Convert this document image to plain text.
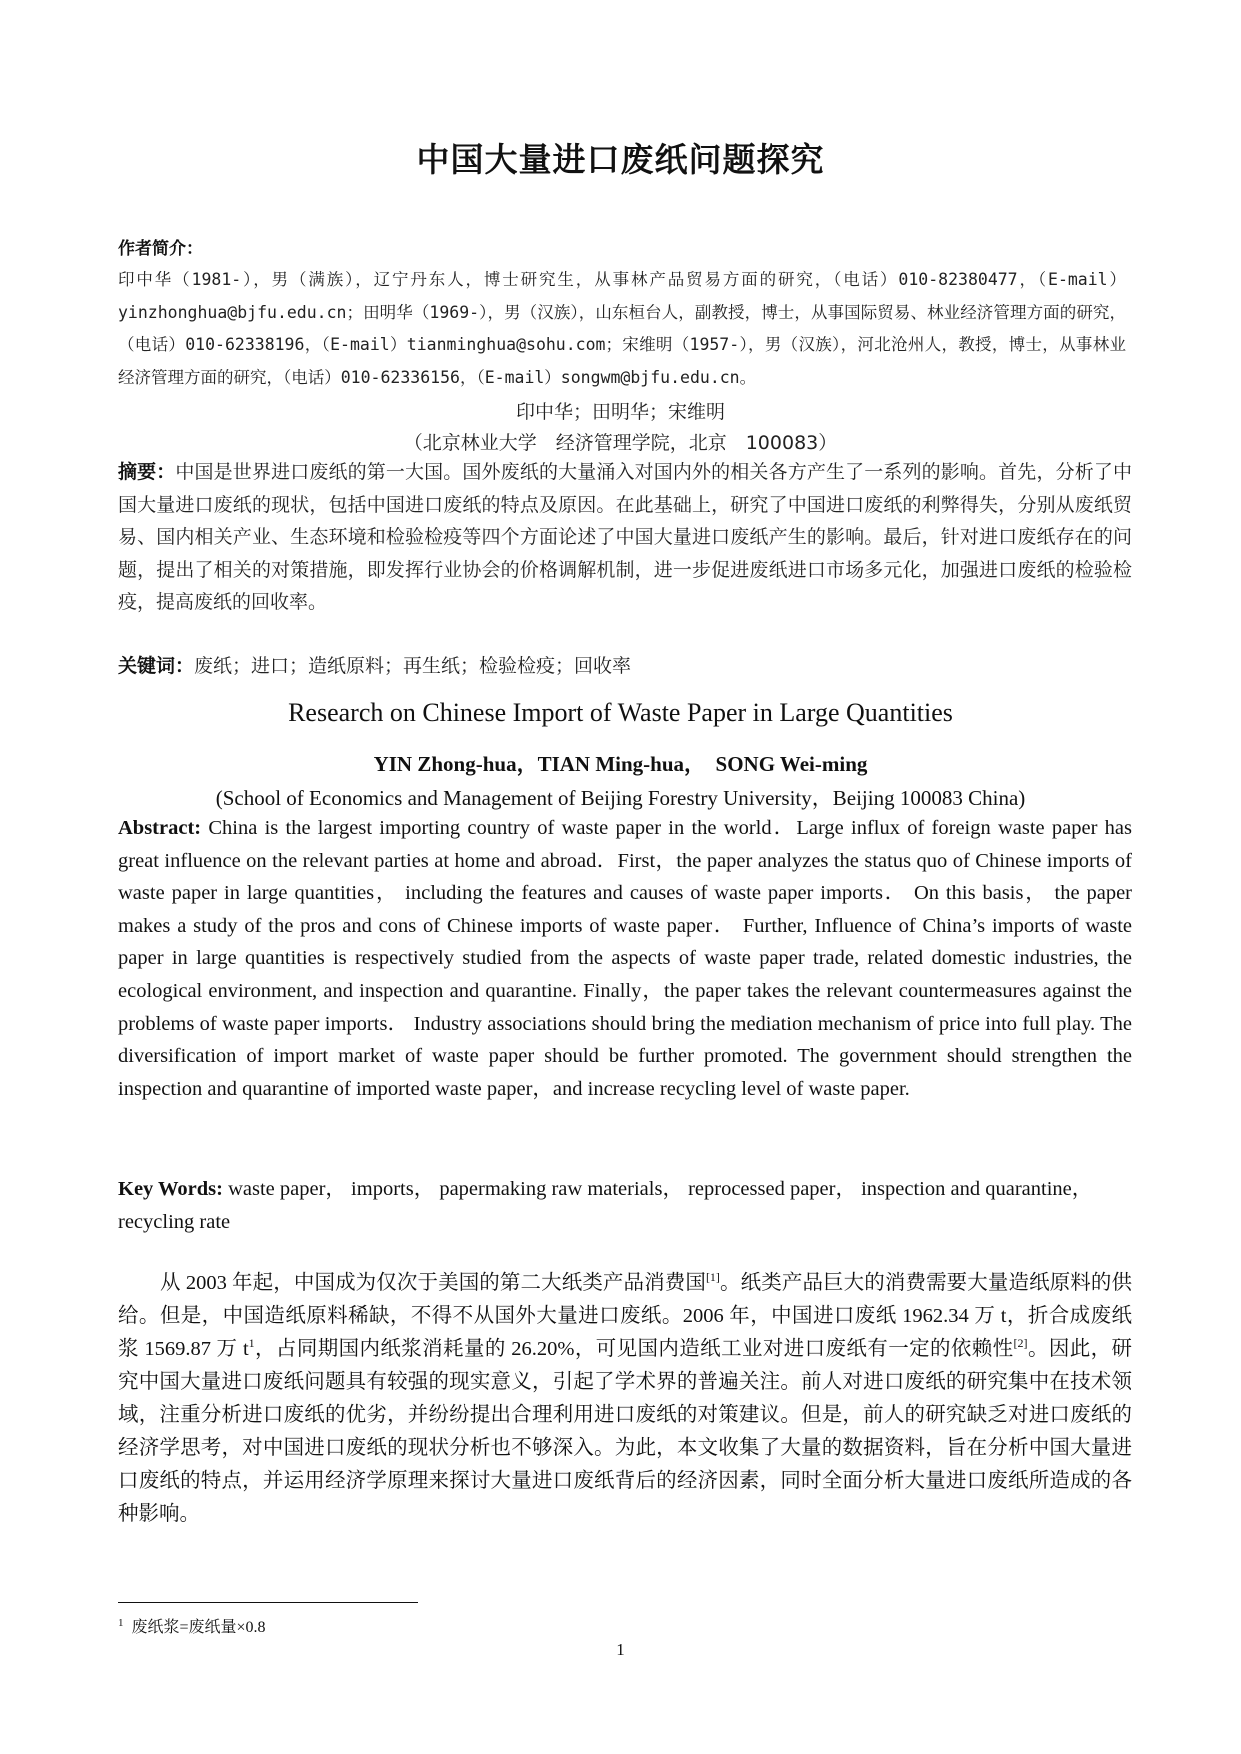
中国大量进口废纸问题探究
作者简介：
印中华（1981-），男（满族），辽宁丹东人，博士研究生，从事林产品贸易方面的研究，（电话）010-82380477，（E-mail）yinzhonghua@bjfu.edu.cn；田明华（1969-），男（汉族），山东桓台人，副教授，博士，从事国际贸易、林业经济管理方面的研究，（电话）010-62338196，（E-mail）tianminghua@sohu.com；宋维明（1957-），男（汉族），河北沧州人，教授，博士，从事林业经济管理方面的研究，（电话）010-62336156，（E-mail）songwm@bjfu.edu.cn。
印中华；田明华；宋维明
（北京林业大学　经济管理学院，北京　100083）
摘要：中国是世界进口废纸的第一大国。国外废纸的大量涌入对国内外的相关各方产生了一系列的影响。首先，分析了中国大量进口废纸的现状，包括中国进口废纸的特点及原因。在此基础上，研究了中国进口废纸的利弊得失，分别从废纸贸易、国内相关产业、生态环境和检验检疫等四个方面论述了中国大量进口废纸产生的影响。最后，针对进口废纸存在的问题，提出了相关的对策措施，即发挥行业协会的价格调解机制，进一步促进废纸进口市场多元化，加强进口废纸的检验检疫，提高废纸的回收率。
关键词：废纸；进口；造纸原料；再生纸；检验检疫；回收率
Research on Chinese Import of Waste Paper in Large Quantities
YIN Zhong-hua，TIAN Ming-hua，　SONG Wei-ming
(School of Economics and Management of Beijing Forestry University，Beijing 100083 China)
Abstract: China is the largest importing country of waste paper in the world．Large influx of foreign waste paper has great influence on the relevant parties at home and abroad．First，the paper analyzes the status quo of Chinese imports of waste paper in large quantities， including the features and causes of waste paper imports． On this basis， the paper makes a study of the pros and cons of Chinese imports of waste paper． Further, Influence of China’s imports of waste paper in large quantities is respectively studied from the aspects of waste paper trade, related domestic industries, the ecological environment, and inspection and quarantine. Finally，the paper takes the relevant countermeasures against the problems of waste paper imports． Industry associations should bring the mediation mechanism of price into full play. The diversification of import market of waste paper should be further promoted. The government should strengthen the inspection and quarantine of imported waste paper，and increase recycling level of waste paper.
Key Words: waste paper， imports， papermaking raw materials， reprocessed paper， inspection and quarantine，recycling rate
从 2003 年起，中国成为仅次于美国的第二大纸类产品消费国[1]。纸类产品巨大的消费需要大量造纸原料的供给。但是，中国造纸原料稀缺，不得不从国外大量进口废纸。2006 年，中国进口废纸 1962.34 万 t，折合成废纸浆 1569.87 万 $t^1$，占同期国内纸浆消耗量的 26.20%，可见国内造纸工业对进口废纸有一定的依赖性[2]。因此，研究中国大量进口废纸问题具有较强的现实意义，引起了学术界的普遍关注。前人对进口废纸的研究集中在技术领域，注重分析进口废纸的优劣，并纷纷提出合理利用进口废纸的对策建议。但是，前人的研究缺乏对进口废纸的经济学思考，对中国进口废纸的现状分析也不够深入。为此，本文收集了大量的数据资料，旨在分析中国大量进口废纸的特点，并运用经济学原理来探讨大量进口废纸背后的经济因素，同时全面分析大量进口废纸所造成的各种影响。
$^1$ 废纸浆=废纸量×0.8
1
